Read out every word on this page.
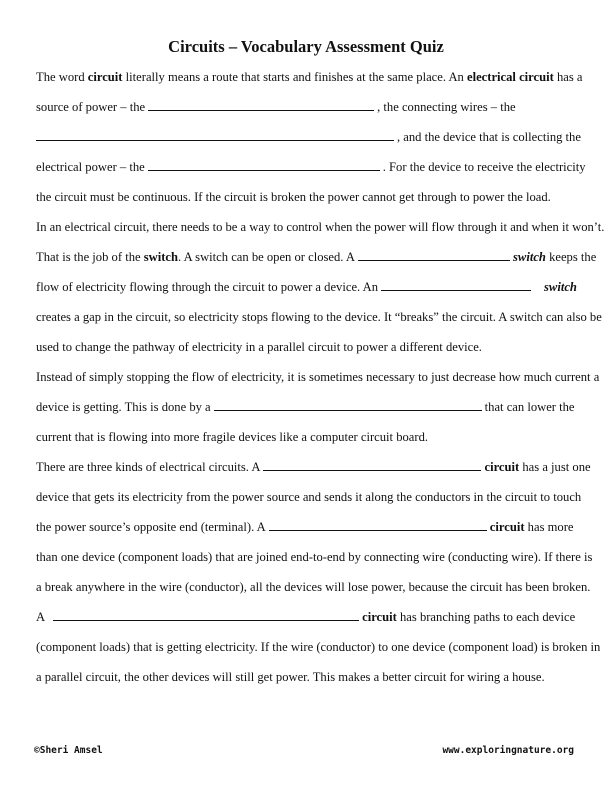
Circuits – Vocabulary Assessment Quiz
The word circuit literally means a route that starts and finishes at the same place. An electrical circuit has a
source of power – the	, the connecting wires – the
, and the device that is collecting the
electrical power – the	. For the device to receive the electricity
the circuit must be continuous. If the circuit is broken the power cannot get through to power the load.
In an electrical circuit, there needs to be a way to control when the power will flow through it and when it won’t.
That is the job of the switch. A switch can be open or closed. A	switch keeps the
flow of electricity flowing through the circuit to power a device. An	switch
creates a gap in the circuit, so electricity stops flowing to the device. It “breaks” the circuit. A switch can also be
used to change the pathway of electricity in a parallel circuit to power a different device.
Instead of simply stopping the flow of electricity, it is sometimes necessary to just decrease how much current a
device is getting. This is done by a	that can lower the
current that is flowing into more fragile devices like a computer circuit board.
There are three kinds of electrical circuits. A	circuit has a just one
device that gets its electricity from the power source and sends it along the conductors in the circuit to touch
the power source’s opposite end (terminal). A	circuit has more
than one device (component loads) that are joined end-to-end by connecting wire (conducting wire). If there is
a break anywhere in the wire (conductor), all the devices will lose power, because the circuit has been broken.
A	circuit has branching paths to each device
(component loads) that is getting electricity. If the wire (conductor) to one device (component load) is broken in
a parallel circuit, the other devices will still get power. This makes a better circuit for wiring a house.
©Sheri Amsel	www.exploringnature.org
